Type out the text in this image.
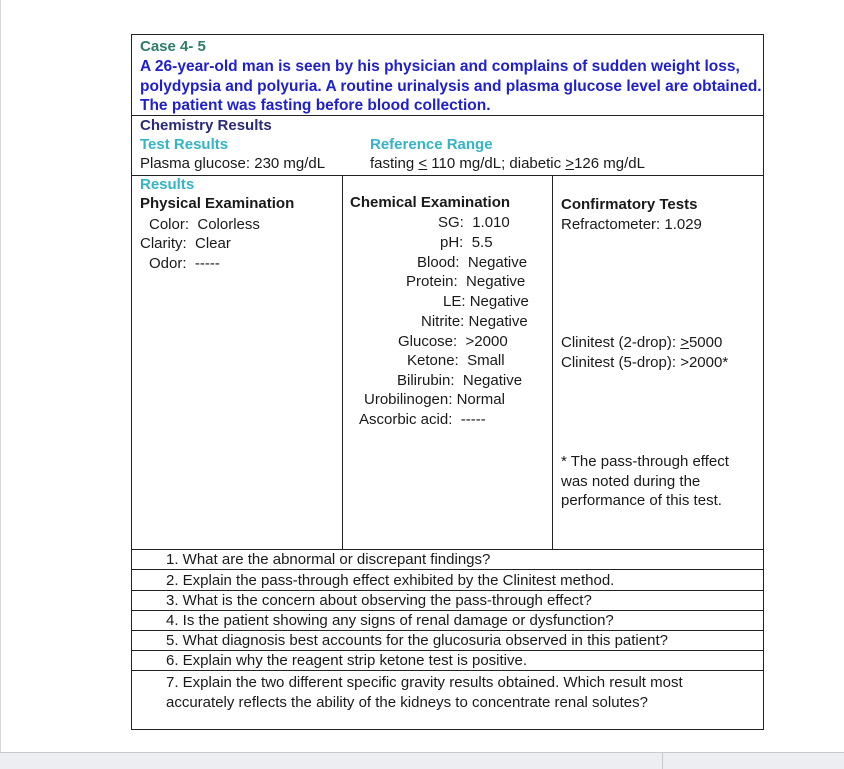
Case 4- 5
A 26-year-old man is seen by his physician and complains of sudden weight loss, polydypsia and polyuria. A routine urinalysis and plasma glucose level are obtained. The patient was fasting before blood collection.
Chemistry Results
Test Results	Reference Range
Plasma glucose: 230 mg/dL	fasting < 110 mg/dL; diabetic >126 mg/dL
Results
Physical Examination
Color: Colorless
Clarity: Clear
Odor: -----
Chemical Examination
SG: 1.010
pH: 5.5
Blood: Negative
Protein: Negative
LE: Negative
Nitrite: Negative
Glucose: >2000
Ketone: Small
Bilirubin: Negative
Urobilinogen: Normal
Ascorbic acid: -----
Confirmatory Tests
Refractometer: 1.029
Clinitest (2-drop): >5000
Clinitest (5-drop): >2000*
* The pass-through effect was noted during the performance of this test.
1. What are the abnormal or discrepant findings?
2. Explain the pass-through effect exhibited by the Clinitest method.
3. What is the concern about observing the pass-through effect?
4. Is the patient showing any signs of renal damage or dysfunction?
5. What diagnosis best accounts for the glucosuria observed in this patient?
6. Explain why the reagent strip ketone test is positive.
7. Explain the two different specific gravity results obtained. Which result most accurately reflects the ability of the kidneys to concentrate renal solutes?
